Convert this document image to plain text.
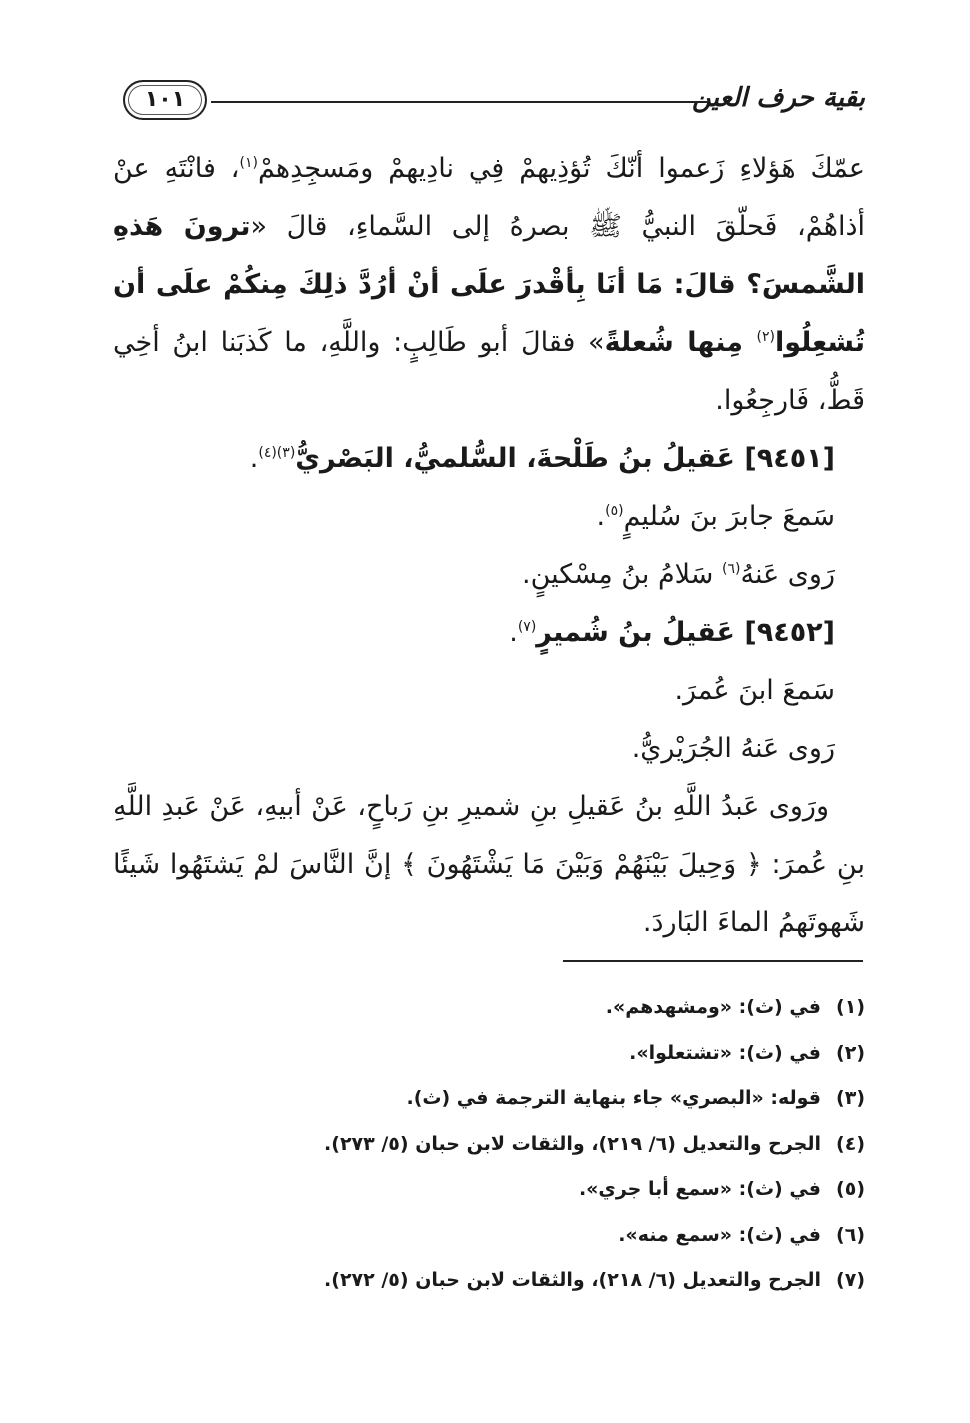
بقية حرف العين
١٠١

عمّكَ هَؤلاءِ زَعموا أنّكَ تُؤذِيهمْ فِي نادِيهمْ ومَسجِدِهمْ$^{(١)}$، فانْتَهِ عنْ أذاهُمْ، فَحلّقَ النبيُّ ﷺ بصرهُ إلى السَّماءِ، قالَ «ترونَ هَذهِ الشَّمسَ؟ قالَ: مَا أنَا بِأقْدرَ علَى أنْ أرُدَّ ذلِكَ مِنكُمْ علَى أن تُشعِلُوا$^{(٢)}$ مِنها شُعلةً» فقالَ أبو طَالِبٍ: واللَّهِ، ما كَذبَنا ابنُ أخِي قَطُّ، فَارجِعُوا.

[٩٤٥١] عَقيلُ بنُ طَلْحةَ، السُّلميُّ، البَصْريُّ$^{(٣)(٤)}$.

سَمعَ جابرَ بنَ سُليمٍ$^{(٥)}$.

رَوى عَنهُ$^{(٦)}$ سَلامُ بنُ مِسْكينٍ.

[٩٤٥٢] عَقيلُ بنُ شُميرٍ$^{(٧)}$.

سَمعَ ابنَ عُمرَ.

رَوى عَنهُ الجُرَيْريُّ.

ورَوى عَبدُ اللَّهِ بنُ عَقيلِ بنِ شميرِ بنِ رَباحٍ، عَنْ أبيهِ، عَنْ عَبدِ اللَّهِ بنِ عُمرَ: ﴿ وَحِيلَ بَيْنَهُمْ وَبَيْنَ مَا يَشْتَهُونَ ﴾ إنَّ النَّاسَ لمْ يَشتَهُوا شَيئًا شَهوتَهمُ الماءَ البَاردَ.

(١)في (ث): «ومشهدهم».

(٢)في (ث): «تشتعلوا».

(٣)قوله: «البصري» جاء بنهاية الترجمة في (ث).

(٤)الجرح والتعديل (٦/ ٢١٩)، والثقات لابن حبان (٥/ ٢٧٣).

(٥)في (ث): «سمع أبا جري».

(٦)في (ث): «سمع منه».

(٧)الجرح والتعديل (٦/ ٢١٨)، والثقات لابن حبان (٥/ ٢٧٢).
